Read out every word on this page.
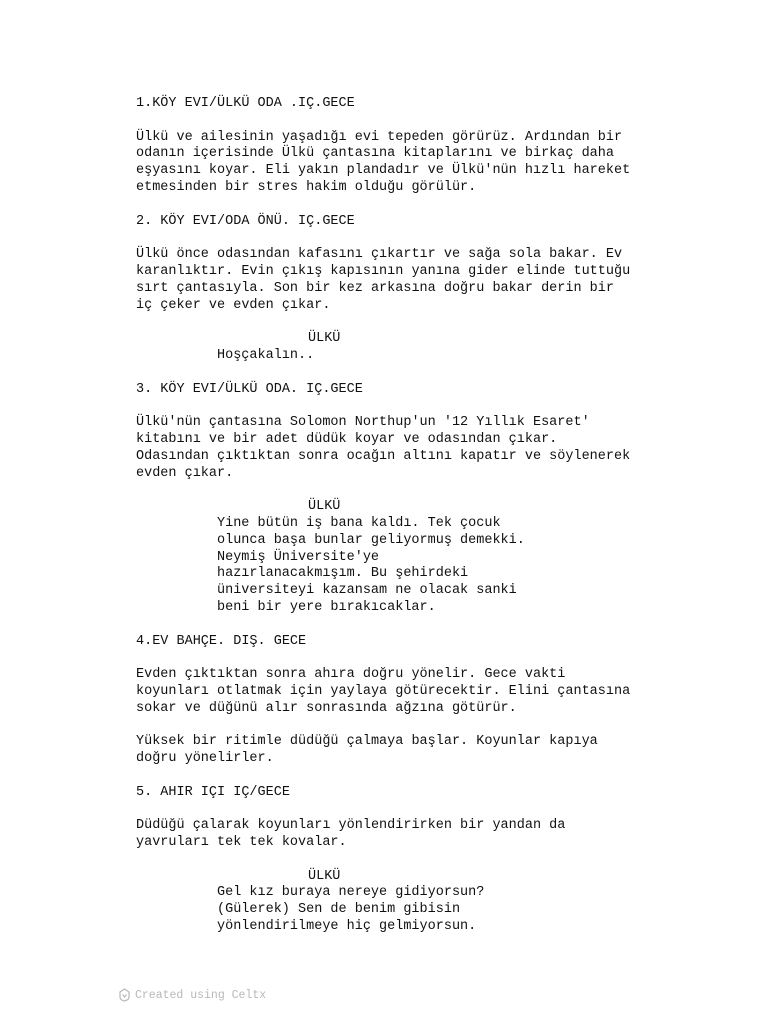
1.KÖY EVI/ÜLKÜ ODA .IÇ.GECE
Ülkü ve ailesinin yaşadığı evi tepeden görürüz. Ardından bir
odanın içerisinde Ülkü çantasına kitaplarını ve birkaç daha
eşyasını koyar. Eli yakın plandadır ve Ülkü'nün hızlı hareket
etmesinden bir stres hakim olduğu görülür.
2. KÖY EVI/ODA ÖNÜ. IÇ.GECE
Ülkü önce odasından kafasını çıkartır ve sağa sola bakar. Ev
karanlıktır. Evin çıkış kapısının yanına gider elinde tuttuğu
sırt çantasıyla. Son bir kez arkasına doğru bakar derin bir
iç çeker ve evden çıkar.
ÜLKÜ
Hoşçakalın..
3. KÖY EVI/ÜLKÜ ODA. IÇ.GECE
Ülkü'nün çantasına Solomon Northup'un '12 Yıllık Esaret'
kitabını ve bir adet düdük koyar ve odasından çıkar.
Odasından çıktıktan sonra ocağın altını kapatır ve söylenerek
evden çıkar.
ÜLKÜ
Yine bütün iş bana kaldı. Tek çocuk
olunca başa bunlar geliyormuş demekki.
Neymiş Üniversite'ye
hazırlanacakmışım. Bu şehirdeki
üniversiteyi kazansam ne olacak sanki
beni bir yere bırakıcaklar.
4.EV BAHÇE. DIŞ. GECE
Evden çıktıktan sonra ahıra doğru yönelir. Gece vakti
koyunları otlatmak için yaylaya götürecektir. Elini çantasına
sokar ve düğünü alır sonrasında ağzına götürür.
Yüksek bir ritimle düdüğü çalmaya başlar. Koyunlar kapıya
doğru yönelirler.
5. AHIR IÇI IÇ/GECE
Düdüğü çalarak koyunları yönlendirirken bir yandan da
yavruları tek tek kovalar.
ÜLKÜ
Gel kız buraya nereye gidiyorsun?
(Gülerek) Sen de benim gibisin
yönlendirilmeye hiç gelmiyorsun.
Created using Celtx
